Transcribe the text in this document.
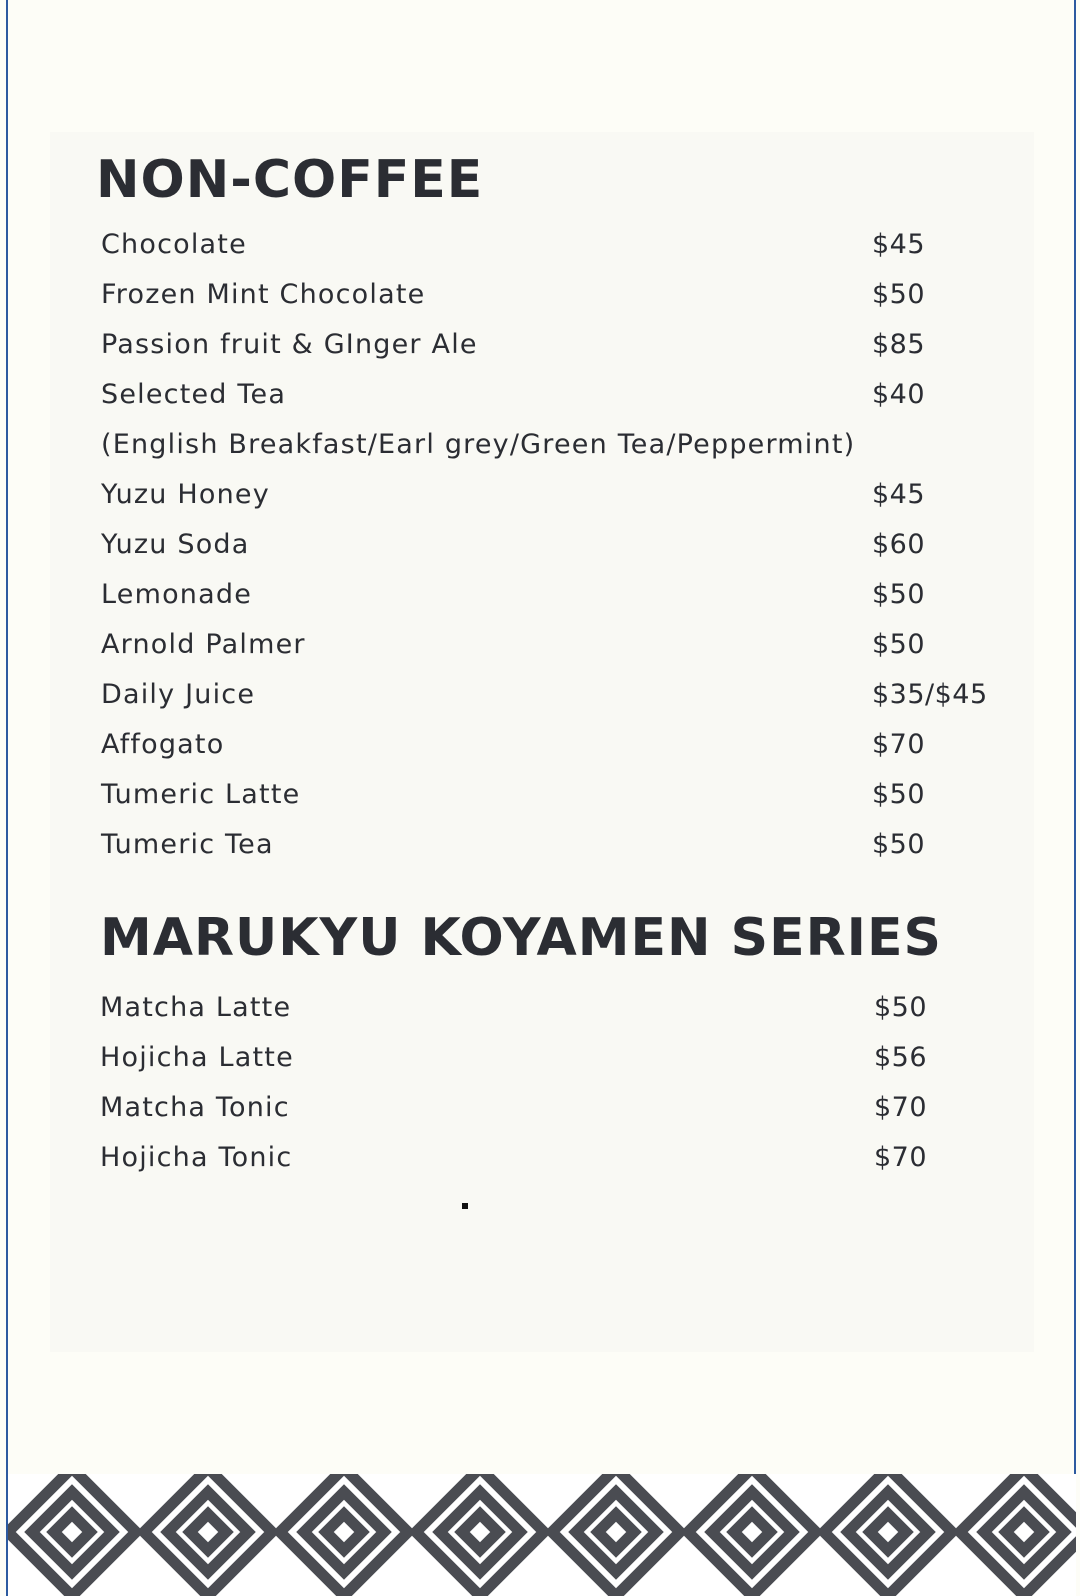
NON-COFFEE
Chocolate	$45
Frozen Mint Chocolate	$50
Passion fruit & GInger Ale	$85
Selected Tea	$40
(English Breakfast/Earl grey/Green Tea/Peppermint)
Yuzu Honey	$45
Yuzu Soda	$60
Lemonade	$50
Arnold Palmer	$50
Daily Juice	$35/$45
Affogato	$70
Tumeric Latte	$50
Tumeric Tea	$50
MARUKYU KOYAMEN SERIES
Matcha Latte	$50
Hojicha Latte	$56
Matcha Tonic	$70
Hojicha Tonic	$70
